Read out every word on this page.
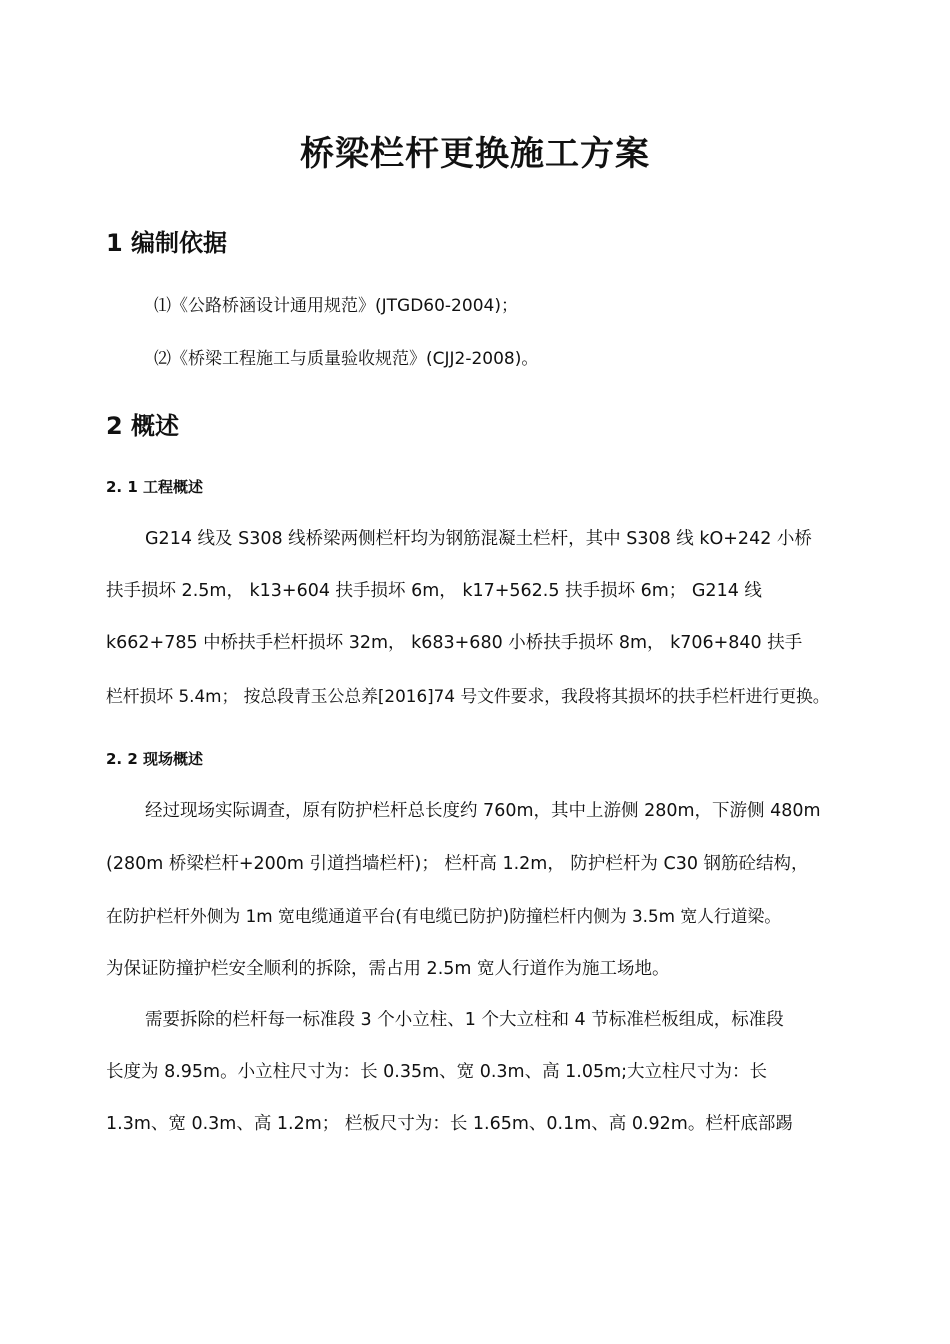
桥梁栏杆更换施工方案
1 编制依据
⑴《公路桥涵设计通用规范》(JTGD60-2004)；
⑵《桥梁工程施工与质量验收规范》(CJJ2-2008)。
2 概述
2. 1 工程概述
G214 线及 S308 线桥梁两侧栏杆均为钢筋混凝土栏杆，其中 S308 线 kO+242 小桥
扶手损坏 2.5m， k13+604 扶手损坏 6m， k17+562.5 扶手损坏 6m； G214 线
k662+785 中桥扶手栏杆损坏 32m， k683+680 小桥扶手损坏 8m， k706+840 扶手
栏杆损坏 5.4m； 按总段青玉公总养[2016]74 号文件要求，我段将其损坏的扶手栏杆进行更换。
2. 2 现场概述
经过现场实际调查，原有防护栏杆总长度约 760m，其中上游侧 280m，下游侧 480m
(280m 桥梁栏杆+200m 引道挡墙栏杆)； 栏杆高 1.2m， 防护栏杆为 C30 钢筋砼结构，
在防护栏杆外侧为 1m 宽电缆通道平台(有电缆已防护)防撞栏杆内侧为 3.5m 宽人行道梁。
为保证防撞护栏安全顺利的拆除，需占用 2.5m 宽人行道作为施工场地。
需要拆除的栏杆每一标准段 3 个小立柱、1 个大立柱和 4 节标准栏板组成，标准段
长度为 8.95m。小立柱尺寸为：长 0.35m、宽 0.3m、高 1.05m;大立柱尺寸为：长
1.3m、宽 0.3m、高 1.2m； 栏板尺寸为：长 1.65m、0.1m、高 0.92m。栏杆底部踢
